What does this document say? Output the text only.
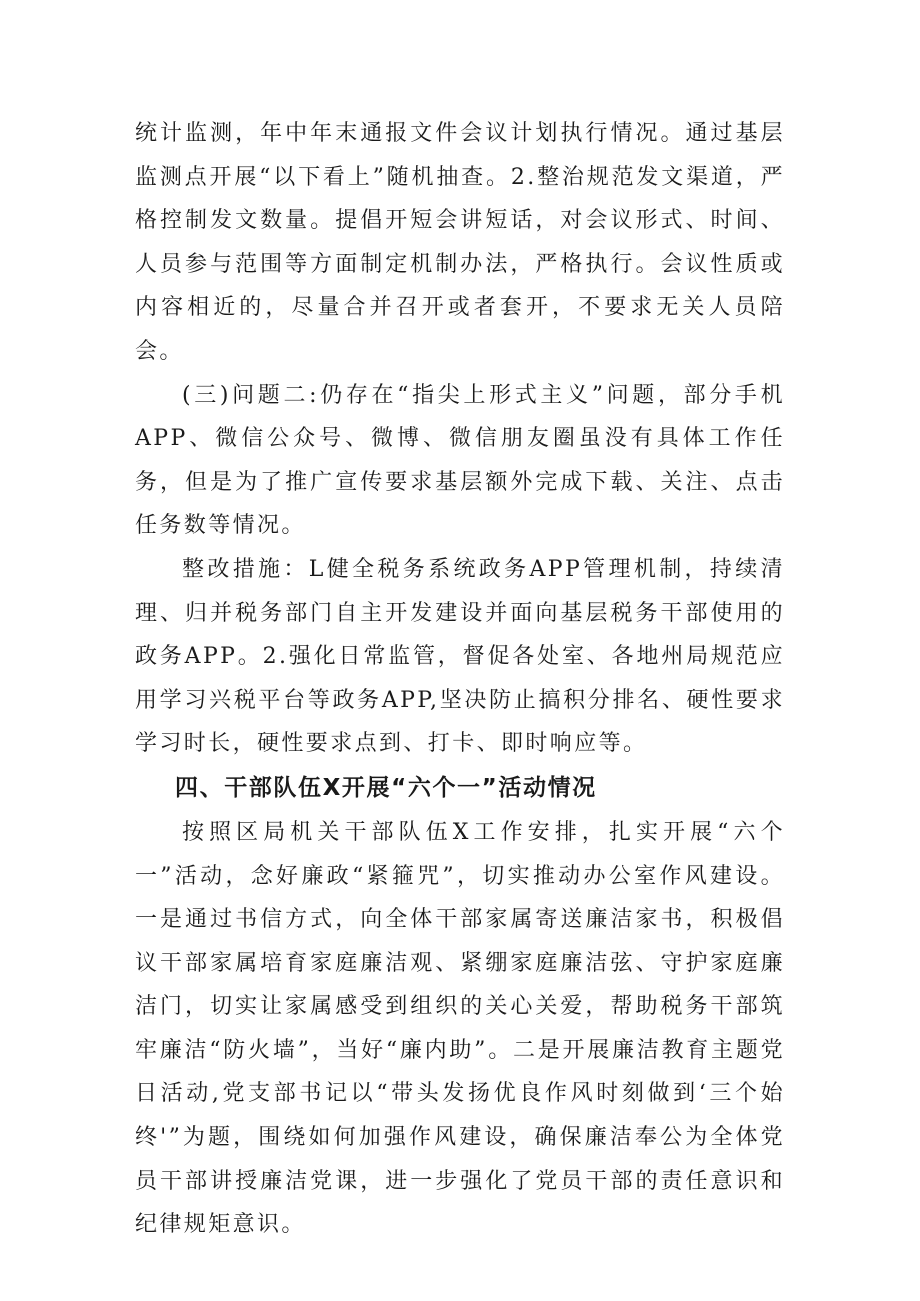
统计监测，年中年末通报文件会议计划执行情况。通过基层监测点开展“以下看上”随机抽查。2.整治规范发文渠道，严格控制发文数量。提倡开短会讲短话，对会议形式、时间、人员参与范围等方面制定机制办法，严格执行。会议性质或内容相近的，尽量合并召开或者套开，不要求无关人员陪会。

(三)问题二:仍存在“指尖上形式主义”问题，部分手机APP、微信公众号、微博、微信朋友圈虽没有具体工作任务，但是为了推广宣传要求基层额外完成下载、关注、点击任务数等情况。

整改措施：L健全税务系统政务APP管理机制，持续清理、归并税务部门自主开发建设并面向基层税务干部使用的政务APP。2.强化日常监管，督促各处室、各地州局规范应用学习兴税平台等政务APP,坚决防止搞积分排名、硬性要求学习时长，硬性要求点到、打卡、即时响应等。

四、干部队伍X开展“六个一”活动情况

按照区局机关干部队伍X工作安排，扎实开展“六个一”活动，念好廉政“紧箍咒”，切实推动办公室作风建设。一是通过书信方式，向全体干部家属寄送廉洁家书，积极倡议干部家属培育家庭廉洁观、紧绷家庭廉洁弦、守护家庭廉洁门，切实让家属感受到组织的关心关爱，帮助税务干部筑牢廉洁“防火墙”，当好“廉内助”。二是开展廉洁教育主题党日活动,党支部书记以“带头发扬优良作风时刻做到‘三个始终'”为题，围绕如何加强作风建设，确保廉洁奉公为全体党员干部讲授廉洁党课，进一步强化了党员干部的责任意识和纪律规矩意识。
